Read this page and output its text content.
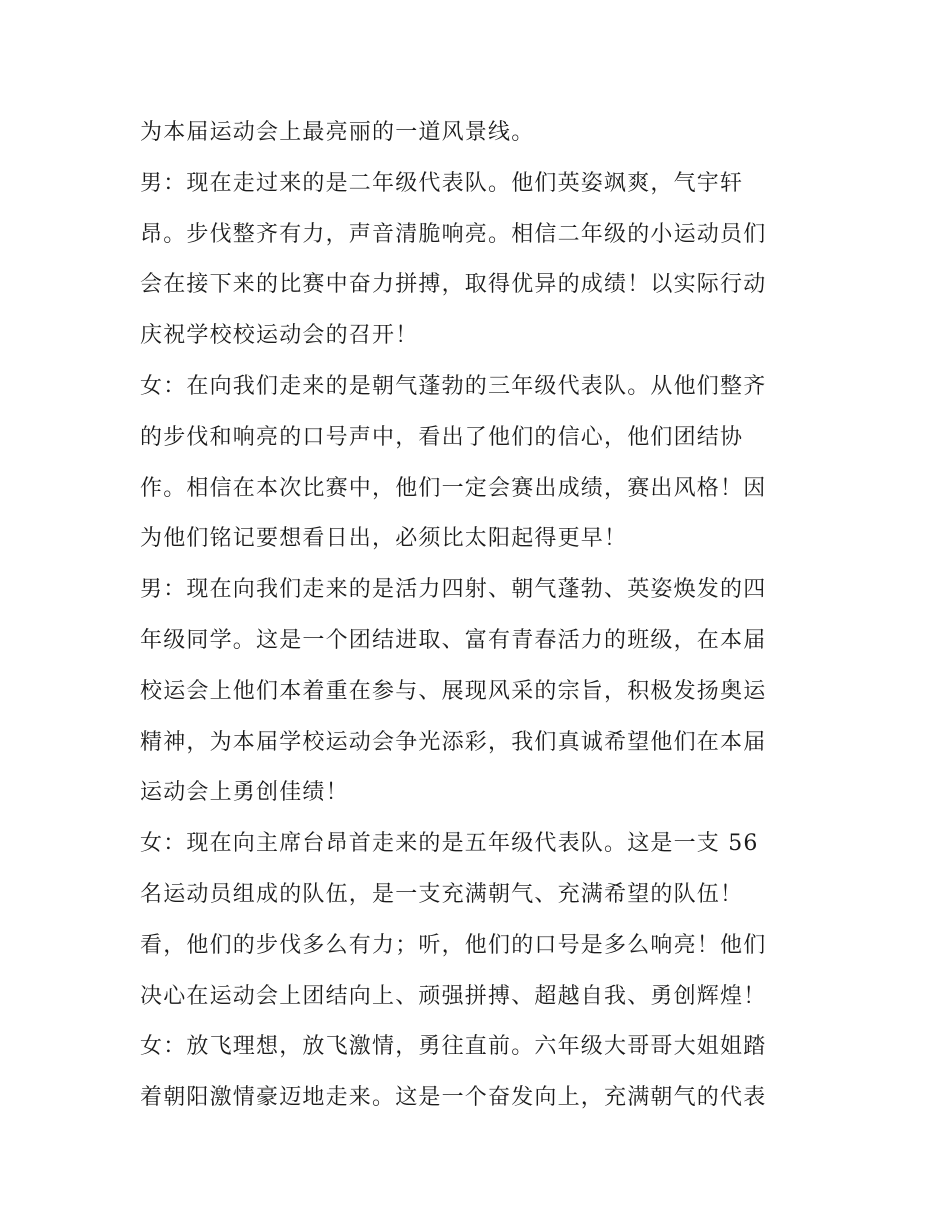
为本届运动会上最亮丽的一道风景线。
男：现在走过来的是二年级代表队。他们英姿飒爽，气宇轩
昂。步伐整齐有力，声音清脆响亮。相信二年级的小运动员们
会在接下来的比赛中奋力拼搏，取得优异的成绩！以实际行动
庆祝学校校运动会的召开！
女：在向我们走来的是朝气蓬勃的三年级代表队。从他们整齐
的步伐和响亮的口号声中，看出了他们的信心，他们团结协
作。相信在本次比赛中，他们一定会赛出成绩，赛出风格！因
为他们铭记要想看日出，必须比太阳起得更早！
男：现在向我们走来的是活力四射、朝气蓬勃、英姿焕发的四
年级同学。这是一个团结进取、富有青春活力的班级，在本届
校运会上他们本着重在参与、展现风采的宗旨，积极发扬奥运
精神，为本届学校运动会争光添彩，我们真诚希望他们在本届
运动会上勇创佳绩！
女：现在向主席台昂首走来的是五年级代表队。这是一支 56
名运动员组成的队伍，是一支充满朝气、充满希望的队伍！
看，他们的步伐多么有力；听，他们的口号是多么响亮！他们
决心在运动会上团结向上、顽强拼搏、超越自我、勇创辉煌！
女：放飞理想，放飞激情，勇往直前。六年级大哥哥大姐姐踏
着朝阳激情豪迈地走来。这是一个奋发向上，充满朝气的代表
